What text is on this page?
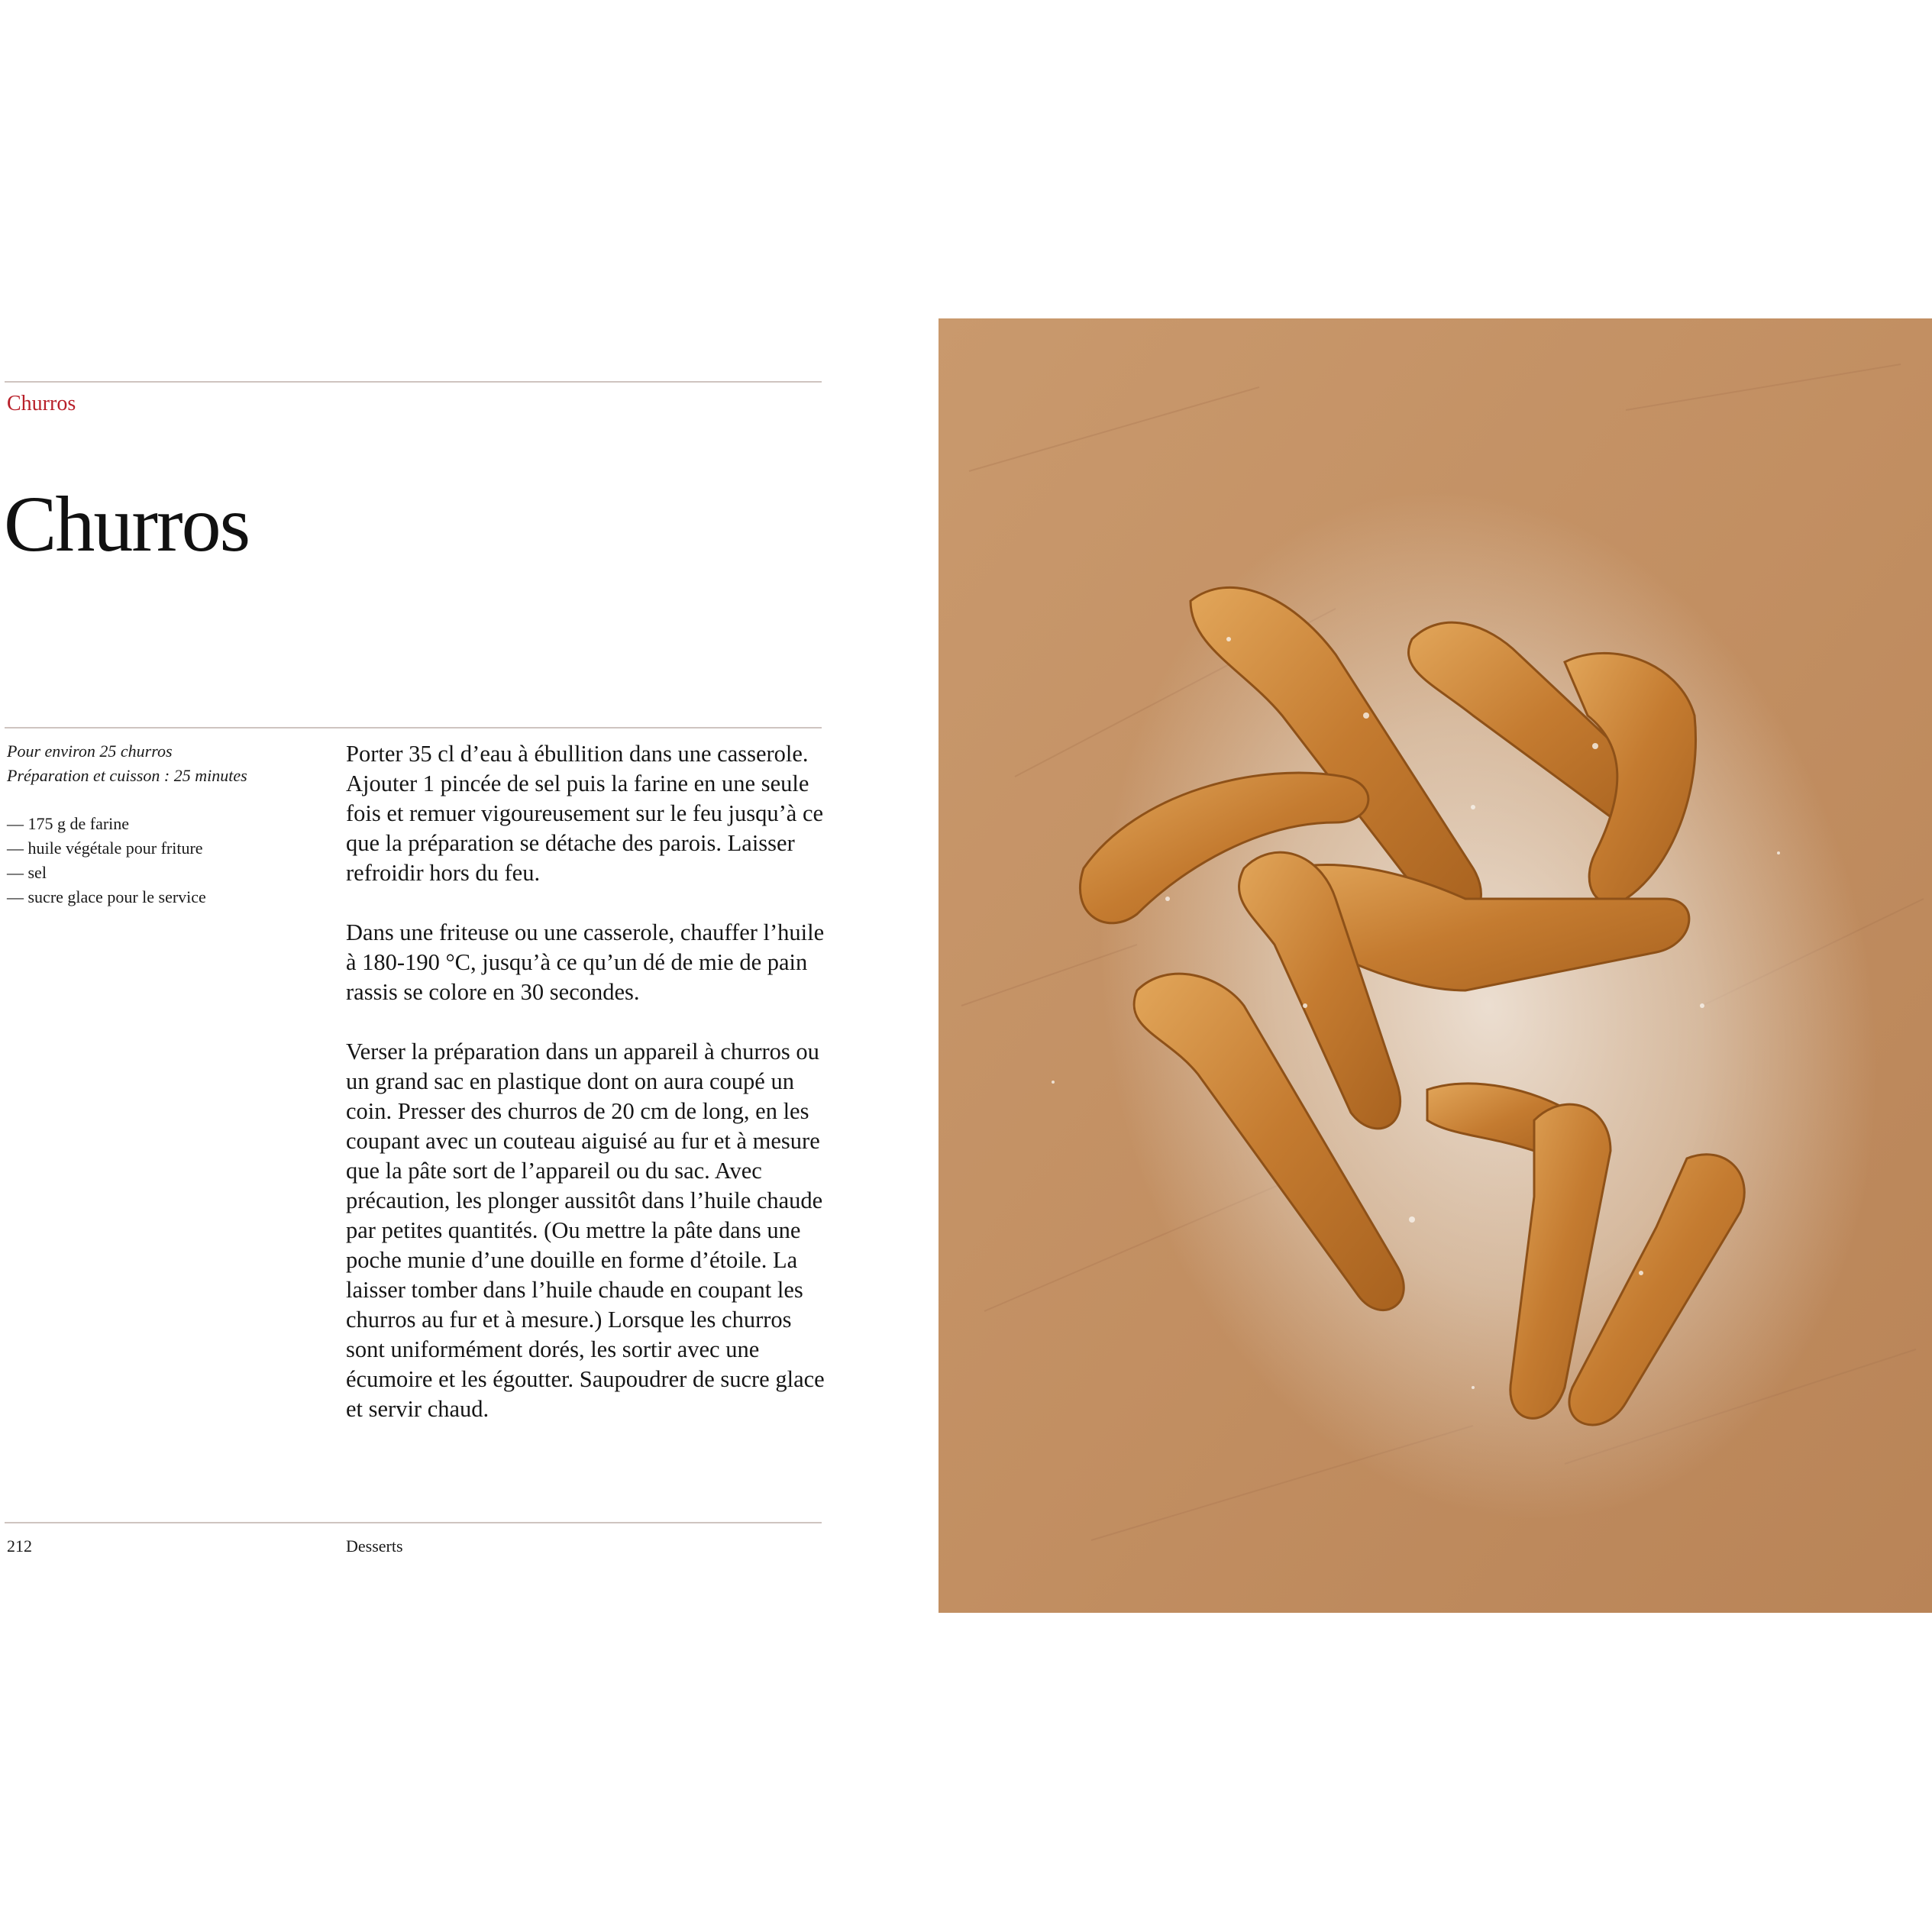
Churros
Churros
Pour environ 25 churros
Préparation et cuisson : 25 minutes
— 175 g de farine
— huile végétale pour friture
— sel
— sucre glace pour le service

Porter 35 cl d’eau à ébullition dans une casserole. Ajouter 1 pincée de sel puis la farine en une seule fois et remuer vigoureusement sur le feu jusqu’à ce que la préparation se détache des parois. Laisser refroidir hors du feu.

Dans une friteuse ou une casserole, chauffer l’huile à 180-190 °C, jusqu’à ce qu’un dé de mie de pain rassis se colore en 30 secondes.

Verser la préparation dans un appareil à churros ou un grand sac en plastique dont on aura coupé un coin. Presser des churros de 20 cm de long, en les coupant avec un couteau aiguisé au fur et à mesure que la pâte sort de l’appareil ou du sac. Avec précaution, les plonger aussitôt dans l’huile chaude par petites quantités. (Ou mettre la pâte dans une poche munie d’une douille en forme d’étoile. La laisser tomber dans l’huile chaude en coupant les churros au fur et à mesure.) Lorsque les churros sont uniformément dorés, les sortir avec une écumoire et les égoutter. Saupoudrer de sucre glace et servir chaud.

212	Desserts
